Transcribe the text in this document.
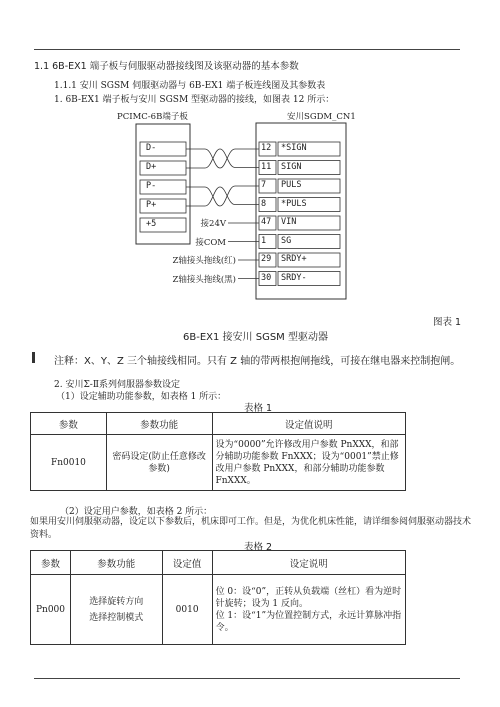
1.1 6B-EX1 端子板与伺服驱动器接线图及该驱动器的基本参数
1.1.1 安川 SGSM 伺服驱动器与 6B-EX1 端子板连线图及其参数表
1. 6B-EX1 端子板与安川 SGSM 型驱动器的接线，如图表 12 所示：
PCIMC-6B端子板	安川SGDM_CN1
D-
D+
P-
P+
+5
12 *SIGN
11 SIGN
7 PULS
8 *PULS
47 VIN
1 SG
29 SRDY+
30 SRDY-
接24V
接COM
Z轴接头拖线(红)
Z轴接头拖线(黑)
图表 1
6B-EX1 接安川 SGSM 型驱动器
注释：X、Y、Z 三个轴接线相同。只有 Z 轴的带两根抱闸拖线，可接在继电器来控制抱闸。
2. 安川Σ-Ⅱ系列伺服器参数设定
（1）设定辅助功能参数，如表格 1 所示：
表格 1
参数	参数功能	设定值说明
Fn0010	密码设定(防止任意修改参数)	设为“0000”允许修改用户参数 PnXXX，和部分辅助功能参数 FnXXX；设为“0001”禁止修改用户参数 PnXXX，和部分辅助功能参数 FnXXX。
（2）设定用户参数，如表格 2 所示：
如果用安川伺服驱动器，设定以下参数后，机床即可工作。但是，为优化机床性能，请详细参阅伺服驱动器技术资料。
表格 2
参数	参数功能	设定值	设定说明
Pn000	选择旋转方向
选择控制模式	0010	位 0：设“0”，正转从负载端（丝杠）看为逆时针旋转；设为 1 反向。
位 1：设“1”为位置控制方式，永远计算脉冲指令。
